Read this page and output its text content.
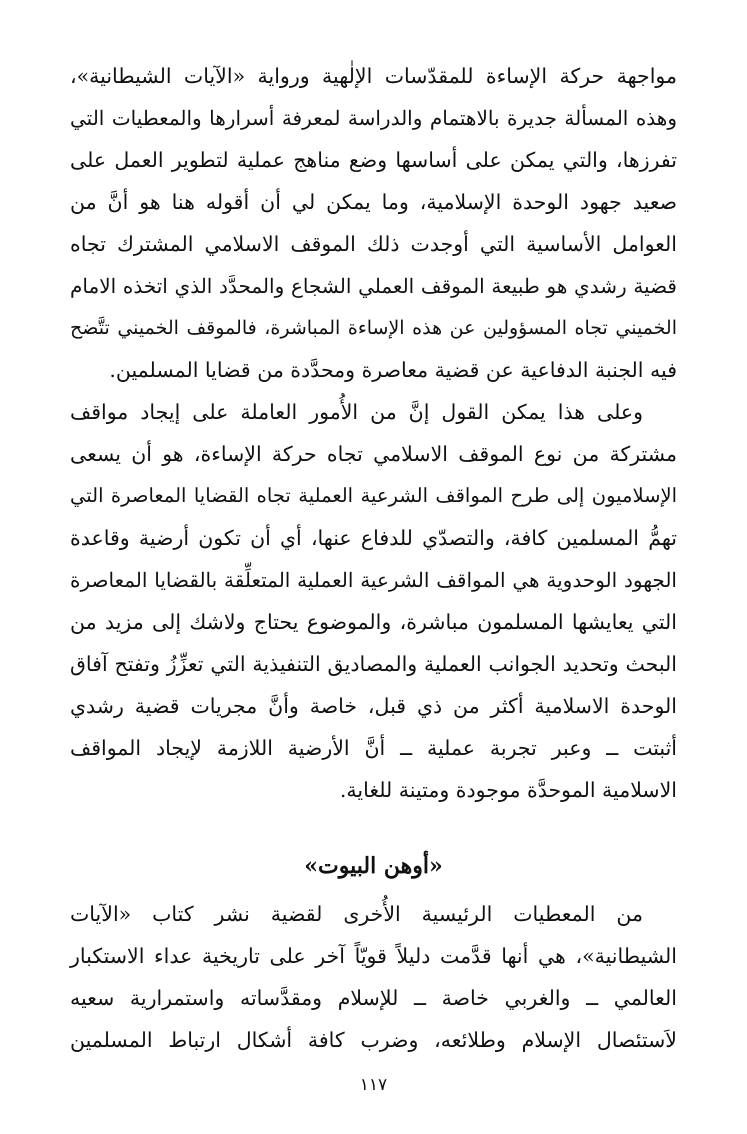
مواجهة حركة الإساءة للمقدّسات الإلٰهية ورواية «الآيات الشيطانية»،
وهذه المسألة جديرة بالاهتمام والدراسة لمعرفة أسرارها والمعطيات التي
تفرزها، والتي يمكن على أساسها وضع مناهج عملية لتطوير العمل على
صعيد جهود الوحدة الإسلامية، وما يمكن لي أن أقوله هنا هو أنَّ من
العوامل الأساسية التي أوجدت ذلك الموقف الاسلامي المشترك تجاه
قضية رشدي هو طبيعة الموقف العملي الشجاع والمحدَّد الذي اتخذه الامام
الخميني تجاه المسؤولين عن هذه الإساءة المباشرة، فالموقف الخميني تتَّضح
فيه الجنبة الدفاعية عن قضية معاصرة ومحدَّدة من قضايا المسلمين.
وعلى هذا يمكن القول إنَّ من الأُمور العاملة على إيجاد مواقف
مشتركة من نوع الموقف الاسلامي تجاه حركة الإساءة، هو أن يسعى
الإسلاميون إلى طرح المواقف الشرعية العملية تجاه القضايا المعاصرة التي
تهمُّ المسلمين كافة، والتصدّي للدفاع عنها، أي أن تكون أرضية وقاعدة
الجهود الوحدوية هي المواقف الشرعية العملية المتعلِّقة بالقضايا المعاصرة
التي يعايشها المسلمون مباشرة، والموضوع يحتاج ولاشك إلى مزيد من
البحث وتحديد الجوانب العملية والمصاديق التنفيذية التي تعزِّزُ وتفتح آفاق
الوحدة الاسلامية أكثر من ذي قبل، خاصة وأنَّ مجريات قضية رشدي
أثبتت ــ وعبر تجربة عملية ــ أنَّ الأرضية اللازمة لإيجاد المواقف
الاسلامية الموحدَّة موجودة ومتينة للغاية.
«أوهن البيوت»
من المعطيات الرئيسية الأُخرى لقضية نشر كتاب «الآيات
الشيطانية»، هي أنها قدَّمت دليلاً قويّاً آخر على تاريخية عداء الاستكبار
العالمي ــ والغربي خاصة ــ للإسلام ومقدَّساته واستمرارية سعيه
لاَستئصال الإسلام وطلائعه، وضرب كافة أشكال ارتباط المسلمين
١١٧
